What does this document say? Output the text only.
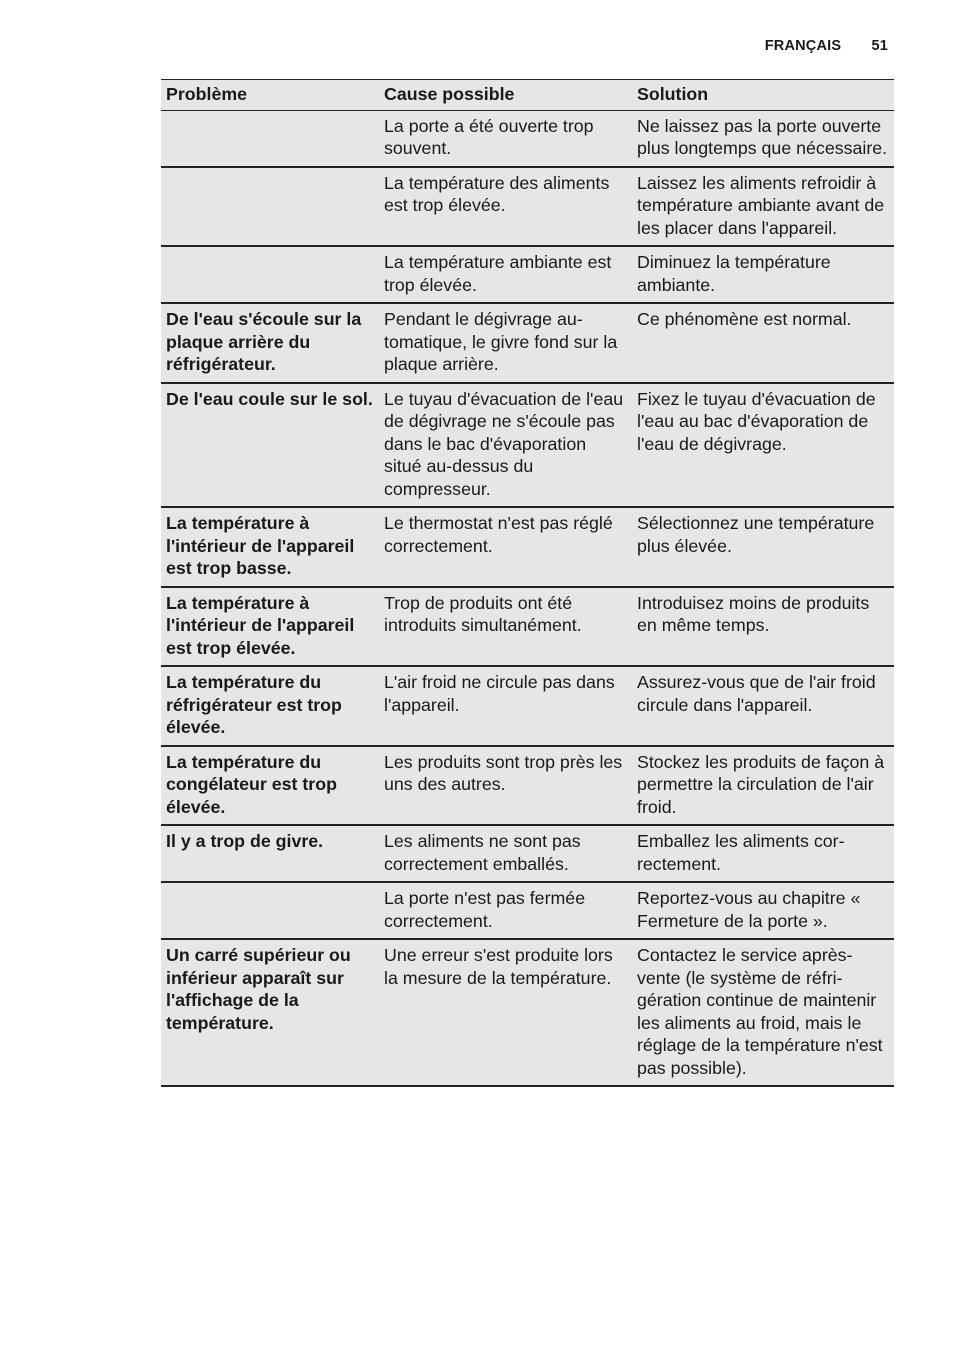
FRANÇAIS 51
Problème	Cause possible	Solution
	La porte a été ouverte trop souvent.	Ne laissez pas la porte ouverte plus longtemps que nécessaire.
	La température des aliments est trop élevée.	Laissez les aliments refroidir à température ambiante avant de les placer dans l'appareil.
	La température ambiante est trop élevée.	Diminuez la température ambiante.
De l'eau s'écoule sur la plaque arrière du réfrigérateur.	Pendant le dégivrage automatique, le givre fond sur la plaque arrière.	Ce phénomène est normal.
De l'eau coule sur le sol.	Le tuyau d'évacuation de l'eau de dégivrage ne s'écoule pas dans le bac d'évaporation situé au-dessus du compresseur.	Fixez le tuyau d'évacuation de l'eau au bac d'évaporation de l'eau de dégivrage.
La température à l'intérieur de l'appareil est trop basse.	Le thermostat n'est pas réglé correctement.	Sélectionnez une température plus élevée.
La température à l'intérieur de l'appareil est trop élevée.	Trop de produits ont été introduits simultanément.	Introduisez moins de produits en même temps.
La température du réfrigérateur est trop élevée.	L'air froid ne circule pas dans l'appareil.	Assurez-vous que de l'air froid circule dans l'appareil.
La température du congélateur est trop élevée.	Les produits sont trop près les uns des autres.	Stockez les produits de façon à permettre la circulation de l'air froid.
Il y a trop de givre.	Les aliments ne sont pas correctement emballés.	Emballez les aliments correctement.
	La porte n'est pas fermée correctement.	Reportez-vous au chapitre « Fermeture de la porte ».
Un carré supérieur ou inférieur apparaît sur l'affichage de la température.	Une erreur s'est produite lors la mesure de la température.	Contactez le service après-vente (le système de réfrigération continue de maintenir les aliments au froid, mais le réglage de la température n'est pas possible).
